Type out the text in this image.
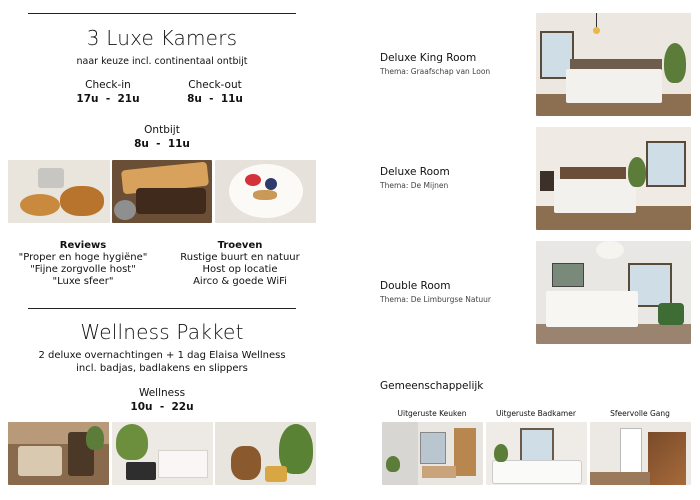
3 Luxe Kamers
naar keuze incl. continentaal ontbijt
Check-in
17u  -  21u
Check-out
8u  -  11u
Ontbijt
8u  -  11u
Reviews
"Proper en hoge hygiëne"
"Fijne zorgvolle host"
"Luxe sfeer"
Troeven
Rustige buurt en natuur
Host op locatie
Airco & goede WiFi
Wellness Pakket
2 deluxe overnachtingen + 1 dag Elaisa Wellness
incl. badjas, badlakens en slippers
Wellness
10u  -  22u
Deluxe King Room
Thema: Graafschap van Loon
Deluxe Room
Thema: De Mijnen
Double Room
Thema: De Limburgse Natuur
Gemeenschappelijk
Uitgeruste Keuken	Uitgeruste Badkamer	Sfeervolle Gang
